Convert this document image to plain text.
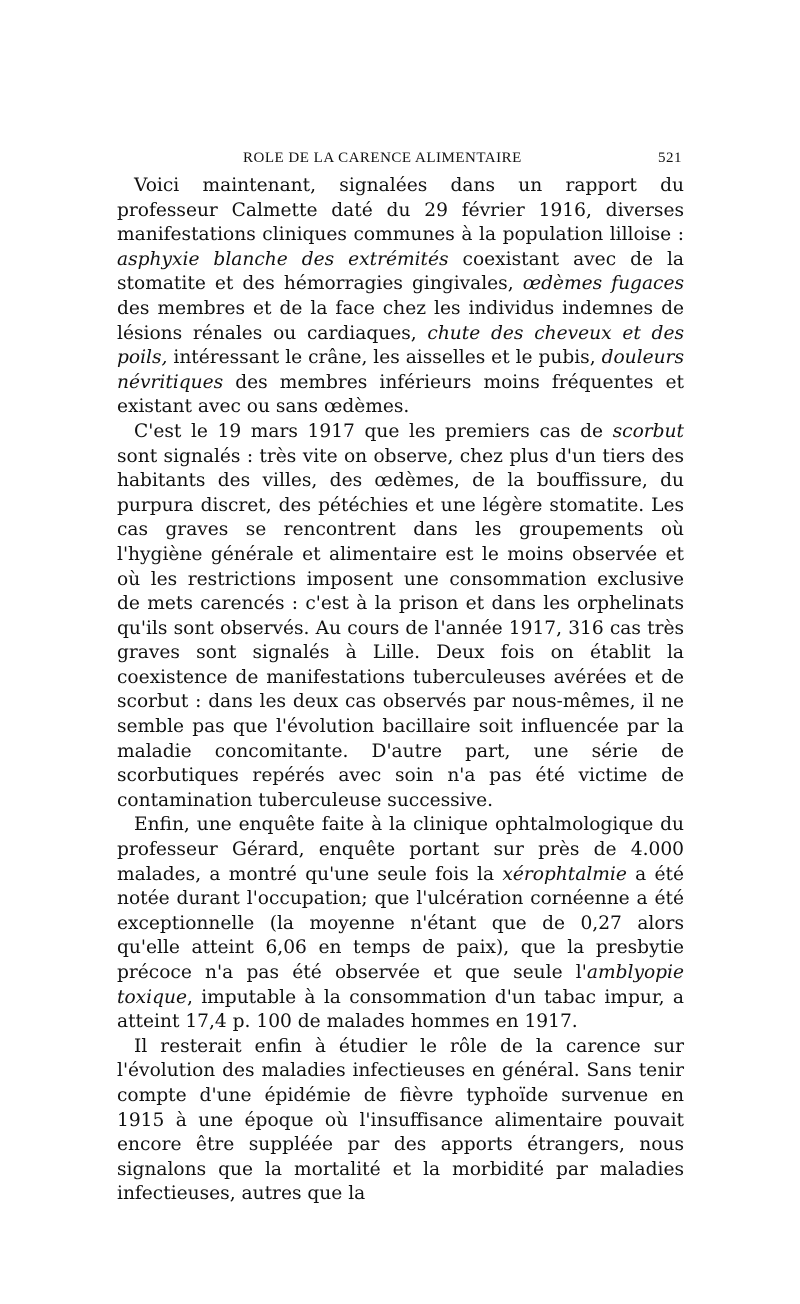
ROLE DE LA CARENCE ALIMENTAIRE	521

Voici maintenant, signalées dans un rapport du professeur Calmette daté du 29 février 1916, diverses manifestations cliniques communes à la population lilloise : asphyxie blanche des extrémités coexistant avec de la stomatite et des hémorragies gingivales, œdèmes fugaces des membres et de la face chez les individus indemnes de lésions rénales ou cardiaques, chute des cheveux et des poils, intéressant le crâne, les aisselles et le pubis, douleurs névritiques des membres inférieurs moins fréquentes et existant avec ou sans œdèmes.

C'est le 19 mars 1917 que les premiers cas de scorbut sont signalés : très vite on observe, chez plus d'un tiers des habitants des villes, des œdèmes, de la bouffissure, du purpura discret, des pétéchies et une légère stomatite. Les cas graves se rencontrent dans les groupements où l'hygiène générale et alimentaire est le moins observée et où les restrictions imposent une consommation exclusive de mets carencés : c'est à la prison et dans les orphelinats qu'ils sont observés. Au cours de l'année 1917, 316 cas très graves sont signalés à Lille. Deux fois on établit la coexistence de manifestations tuberculeuses avérées et de scorbut : dans les deux cas observés par nous-mêmes, il ne semble pas que l'évolution bacillaire soit influencée par la maladie concomitante. D'autre part, une série de scorbutiques repérés avec soin n'a pas été victime de contamination tuberculeuse successive.

Enfin, une enquête faite à la clinique ophtalmologique du professeur Gérard, enquête portant sur près de 4.000 malades, a montré qu'une seule fois la xérophtalmie a été notée durant l'occupation; que l'ulcération cornéenne a été exceptionnelle (la moyenne n'étant que de 0,27 alors qu'elle atteint 6,06 en temps de paix), que la presbytie précoce n'a pas été observée et que seule l'amblyopie toxique, imputable à la consommation d'un tabac impur, a atteint 17,4 p. 100 de malades hommes en 1917.

Il resterait enfin à étudier le rôle de la carence sur l'évolution des maladies infectieuses en général. Sans tenir compte d'une épidémie de fièvre typhoïde survenue en 1915 à une époque où l'insuffisance alimentaire pouvait encore être suppléée par des apports étrangers, nous signalons que la mortalité et la morbidité par maladies infectieuses, autres que la
